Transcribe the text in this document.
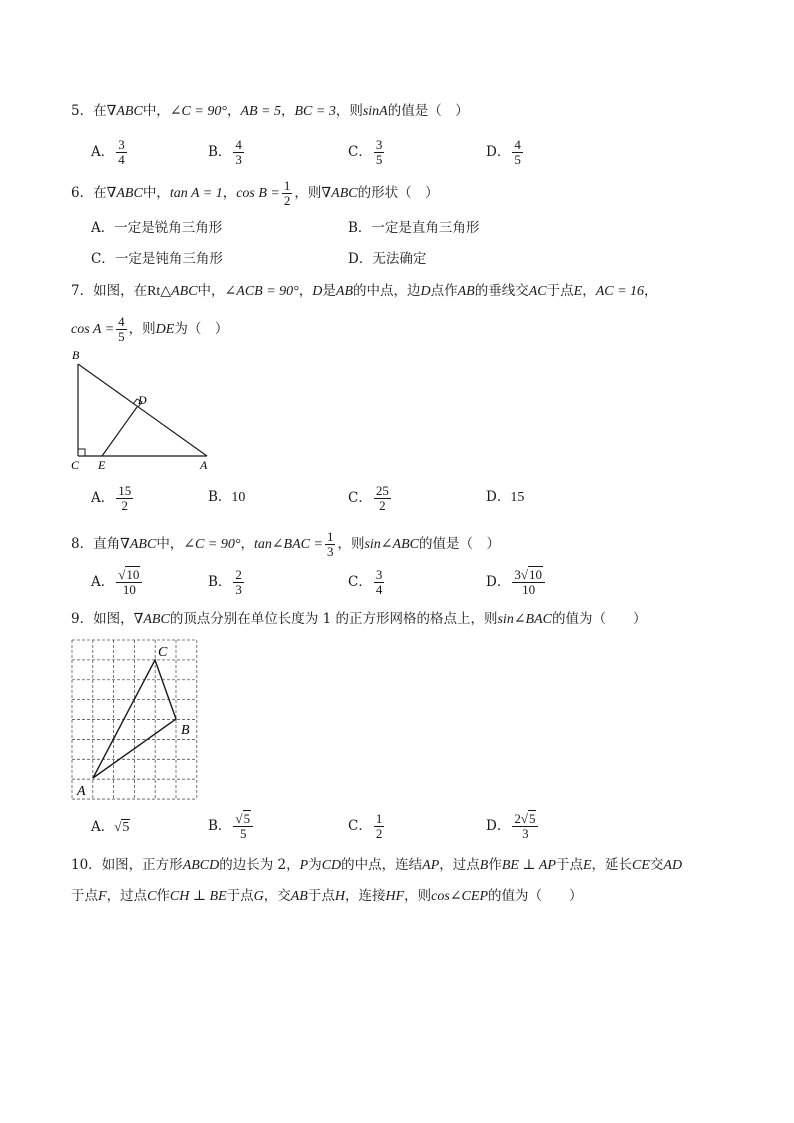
5．在∇ABC中，∠C = 90°，AB = 5，BC = 3，则sinA的值是（　）
A． $\frac{3}{4}$	B． $\frac{4}{3}$	C． $\frac{3}{5}$	D． $\frac{4}{5}$
6．在∇ABC中，tan A = 1，$\cos B = \frac{1}{2}$ ，则∇ABC的形状（　）
A．一定是锐角三角形	B．一定是直角三角形
C．一定是钝角三角形	D．无法确定
7．如图，在Rt△ABC中，∠ACB = 90°，D是AB的中点，边D点作AB的垂线交AC于点E，AC = 16，
$\cos A = \frac{4}{5}$ ，则DE为（　）
B
D
C E	A
A． $\frac{15}{2}$	B．10	C． $\frac{25}{2}$	D．15
8．直角∇ABC中，∠C = 90°，tan∠BAC = $\frac{1}{3}$ ，则sin∠ABC的值是（　）
A． $\frac{√10}{10}$	B． $\frac{2}{3}$	C． $\frac{3}{4}$	D． $\frac{3√10}{10}$
9．如图，∇ABC的顶点分别在单位长度为 1 的正方形网格的格点上，则sin∠BAC的值为（　　）
A
B
C
A．√5	B． $\frac{√5}{5}$	C． $\frac{1}{2}$	D． $\frac{2√5}{3}$
10．如图，正方形ABCD的边长为 2，P为CD的中点，连结AP，过点B作BE ⊥ AP于点E，延长CE交AD
于点F，过点C作CH ⊥ BE于点G，交AB于点H，连接HF，则cos∠CEP的值为（　　）
